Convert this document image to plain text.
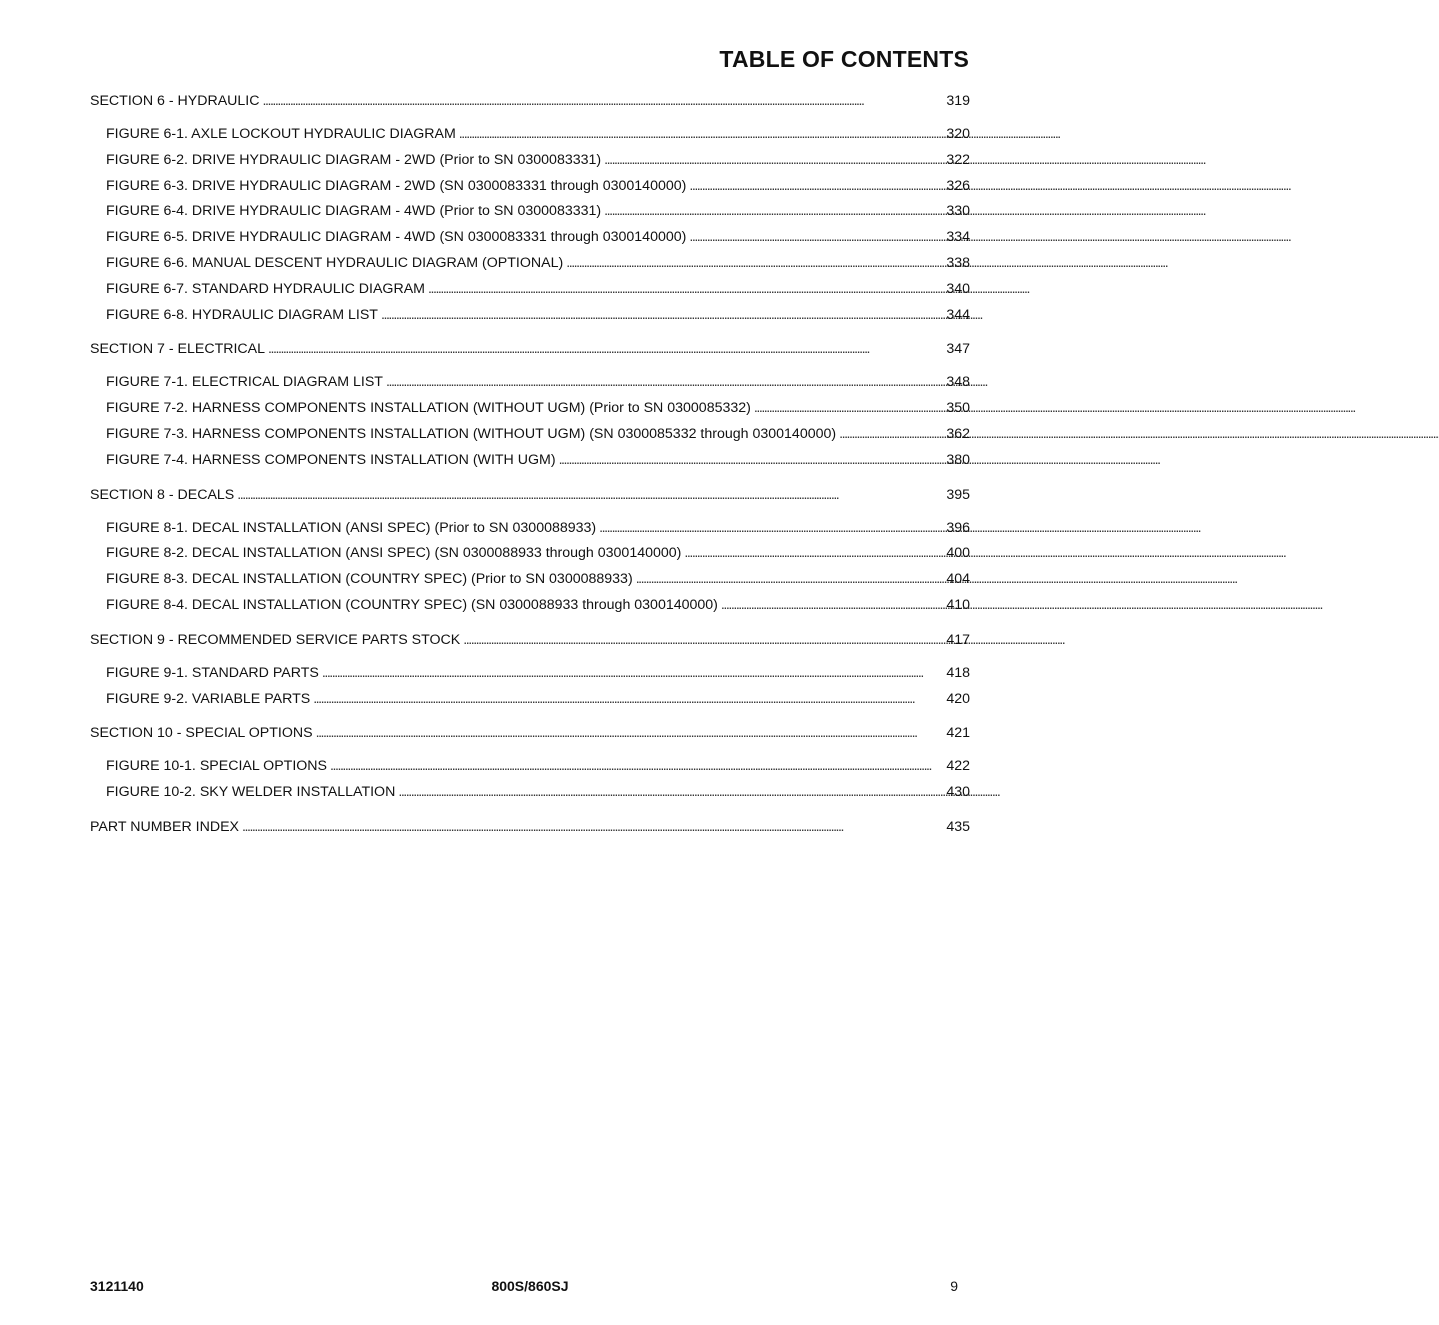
TABLE OF CONTENTS
SECTION 6 - HYDRAULIC . . .	319
FIGURE 6-1. AXLE LOCKOUT HYDRAULIC DIAGRAM . . .	320
FIGURE 6-2. DRIVE HYDRAULIC DIAGRAM - 2WD (Prior to SN 0300083331) . . .	322
FIGURE 6-3. DRIVE HYDRAULIC DIAGRAM - 2WD (SN 0300083331 through 0300140000) . . .	326
FIGURE 6-4. DRIVE HYDRAULIC DIAGRAM - 4WD (Prior to SN 0300083331) . . .	330
FIGURE 6-5. DRIVE HYDRAULIC DIAGRAM - 4WD (SN 0300083331 through 0300140000) . . .	334
FIGURE 6-6. MANUAL DESCENT HYDRAULIC DIAGRAM (OPTIONAL) . . .	338
FIGURE 6-7. STANDARD HYDRAULIC DIAGRAM . . .	340
FIGURE 6-8. HYDRAULIC DIAGRAM LIST . . .	344
SECTION 7 - ELECTRICAL . . .	347
FIGURE 7-1. ELECTRICAL DIAGRAM LIST . . .	348
FIGURE 7-2. HARNESS COMPONENTS INSTALLATION (WITHOUT UGM) (Prior to SN 0300085332) . . .	350
FIGURE 7-3. HARNESS COMPONENTS INSTALLATION (WITHOUT UGM) (SN 0300085332 through 0300140000) . . .	362
FIGURE 7-4. HARNESS COMPONENTS INSTALLATION (WITH UGM) . . .	380
SECTION 8 - DECALS . . .	395
FIGURE 8-1. DECAL INSTALLATION (ANSI SPEC) (Prior to SN 0300088933) . . .	396
FIGURE 8-2. DECAL INSTALLATION (ANSI SPEC) (SN 0300088933 through 0300140000) . . .	400
FIGURE 8-3. DECAL INSTALLATION (COUNTRY SPEC) (Prior to SN 0300088933) . . .	404
FIGURE 8-4. DECAL INSTALLATION (COUNTRY SPEC) (SN 0300088933 through 0300140000) . . .	410
SECTION 9 - RECOMMENDED SERVICE PARTS STOCK . . .	417
FIGURE 9-1. STANDARD PARTS . . .	418
FIGURE 9-2. VARIABLE PARTS . . .	420
SECTION 10 - SPECIAL OPTIONS . . .	421
FIGURE 10-1. SPECIAL OPTIONS . . .	422
FIGURE 10-2. SKY WELDER INSTALLATION . . .	430
PART NUMBER INDEX . . .	435
3121140	800S/860SJ	9
